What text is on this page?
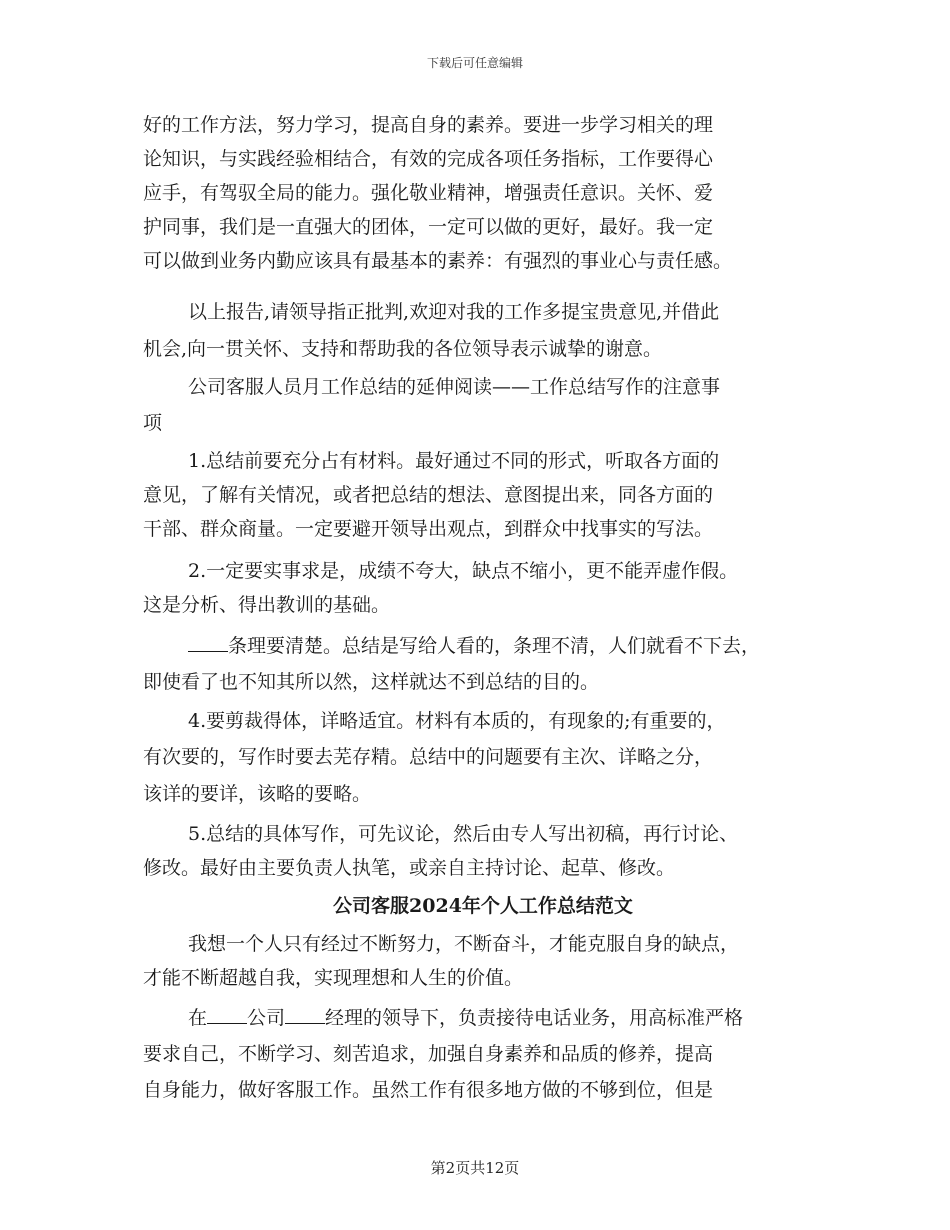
下载后可任意编辑
好的工作方法，努力学习，提高自身的素养。要进一步学习相关的理
论知识，与实践经验相结合，有效的完成各项任务指标，工作要得心
应手，有驾驭全局的能力。强化敬业精神，增强责任意识。关怀、爱
护同事，我们是一直强大的团体，一定可以做的更好，最好。我一定
可以做到业务内勤应该具有最基本的素养：有强烈的事业心与责任感。
以上报告,请领导指正批判,欢迎对我的工作多提宝贵意见,并借此
机会,向一贯关怀、支持和帮助我的各位领导表示诚挚的谢意。
公司客服人员月工作总结的延伸阅读——工作总结写作的注意事
项
1.总结前要充分占有材料。最好通过不同的形式，听取各方面的
意见，了解有关情况，或者把总结的想法、意图提出来，同各方面的
干部、群众商量。一定要避开领导出观点，到群众中找事实的写法。
2.一定要实事求是，成绩不夸大，缺点不缩小，更不能弄虚作假。
这是分析、得出教训的基础。
条理要清楚。总结是写给人看的，条理不清，人们就看不下去，
即使看了也不知其所以然，这样就达不到总结的目的。
4.要剪裁得体，详略适宜。材料有本质的，有现象的;有重要的，
有次要的，写作时要去芜存精。总结中的问题要有主次、详略之分，
该详的要详，该略的要略。
5.总结的具体写作，可先议论，然后由专人写出初稿，再行讨论、
修改。最好由主要负责人执笔，或亲自主持讨论、起草、修改。
公司客服2024年个人工作总结范文
我想一个人只有经过不断努力，不断奋斗，才能克服自身的缺点，
才能不断超越自我，实现理想和人生的价值。
在 公司 经理的领导下，负责接待电话业务，用高标准严格
要求自己，不断学习、刻苦追求，加强自身素养和品质的修养，提高
自身能力，做好客服工作。虽然工作有很多地方做的不够到位，但是
第2页共12页
